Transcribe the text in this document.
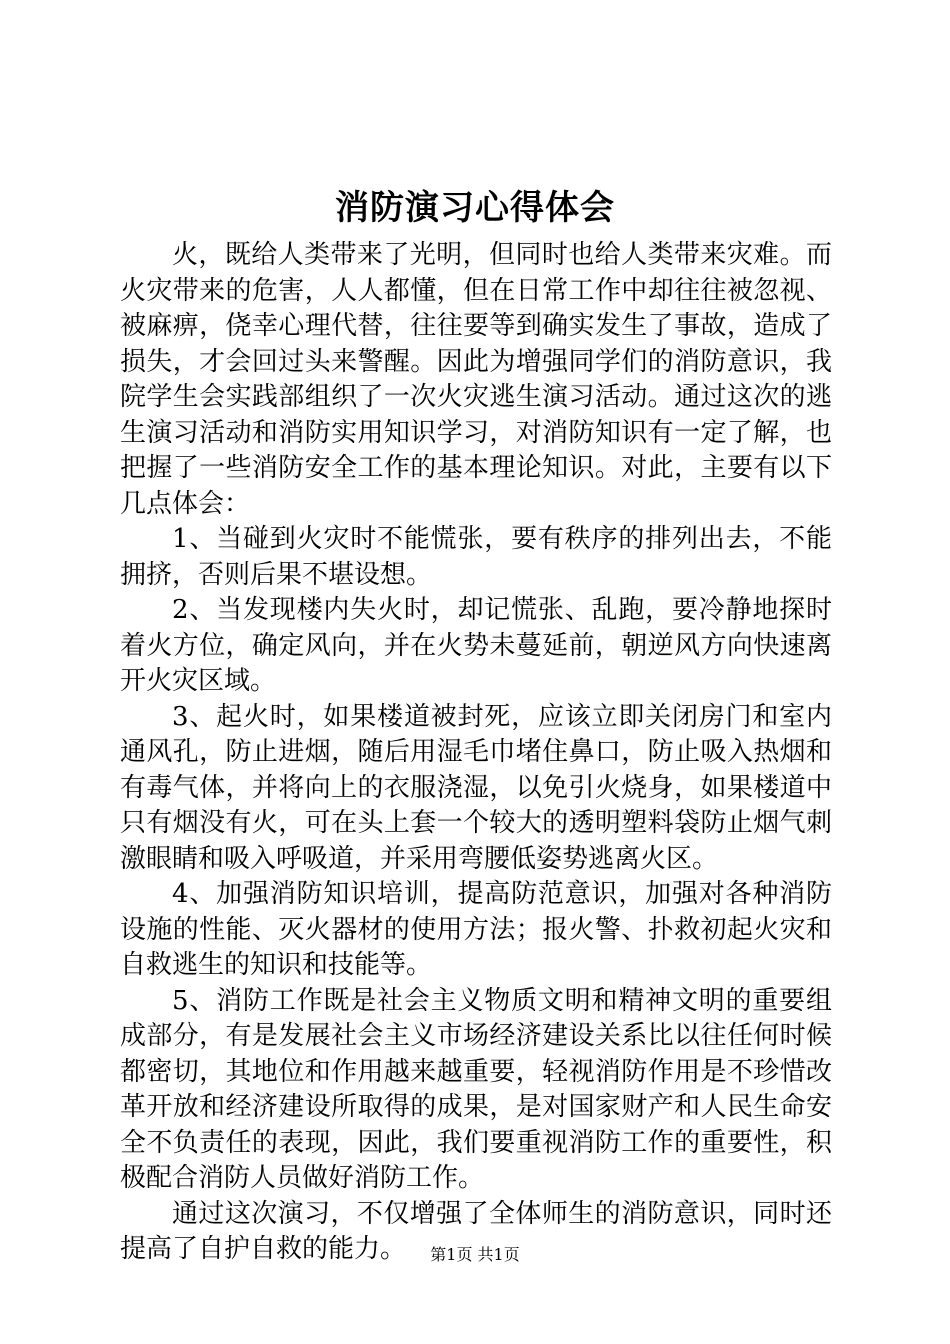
消防演习心得体会

火，既给人类带来了光明，但同时也给人类带来灾难。而火灾带来的危害，人人都懂，但在日常工作中却往往被忽视、被麻痹，侥幸心理代替，往往要等到确实发生了事故，造成了损失，才会回过头来警醒。因此为增强同学们的消防意识，我院学生会实践部组织了一次火灾逃生演习活动。通过这次的逃生演习活动和消防实用知识学习，对消防知识有一定了解，也把握了一些消防安全工作的基本理论知识。对此，主要有以下几点体会：

1、当碰到火灾时不能慌张，要有秩序的排列出去，不能拥挤，否则后果不堪设想。

2、当发现楼内失火时，却记慌张、乱跑，要冷静地探时着火方位，确定风向，并在火势未蔓延前，朝逆风方向快速离开火灾区域。

3、起火时，如果楼道被封死，应该立即关闭房门和室内通风孔，防止进烟，随后用湿毛巾堵住鼻口，防止吸入热烟和有毒气体，并将向上的衣服浇湿，以免引火烧身，如果楼道中只有烟没有火，可在头上套一个较大的透明塑料袋防止烟气刺激眼睛和吸入呼吸道，并采用弯腰低姿势逃离火区。

4、加强消防知识培训，提高防范意识，加强对各种消防设施的性能、灭火器材的使用方法；报火警、扑救初起火灾和自救逃生的知识和技能等。

5、消防工作既是社会主义物质文明和精神文明的重要组成部分，有是发展社会主义市场经济建设关系比以往任何时候都密切，其地位和作用越来越重要，轻视消防作用是不珍惜改革开放和经济建设所取得的成果，是对国家财产和人民生命安全不负责任的表现，因此，我们要重视消防工作的重要性，积极配合消防人员做好消防工作。

通过这次演习，不仅增强了全体师生的消防意识，同时还提高了自护自救的能力。	第1页 共1页
